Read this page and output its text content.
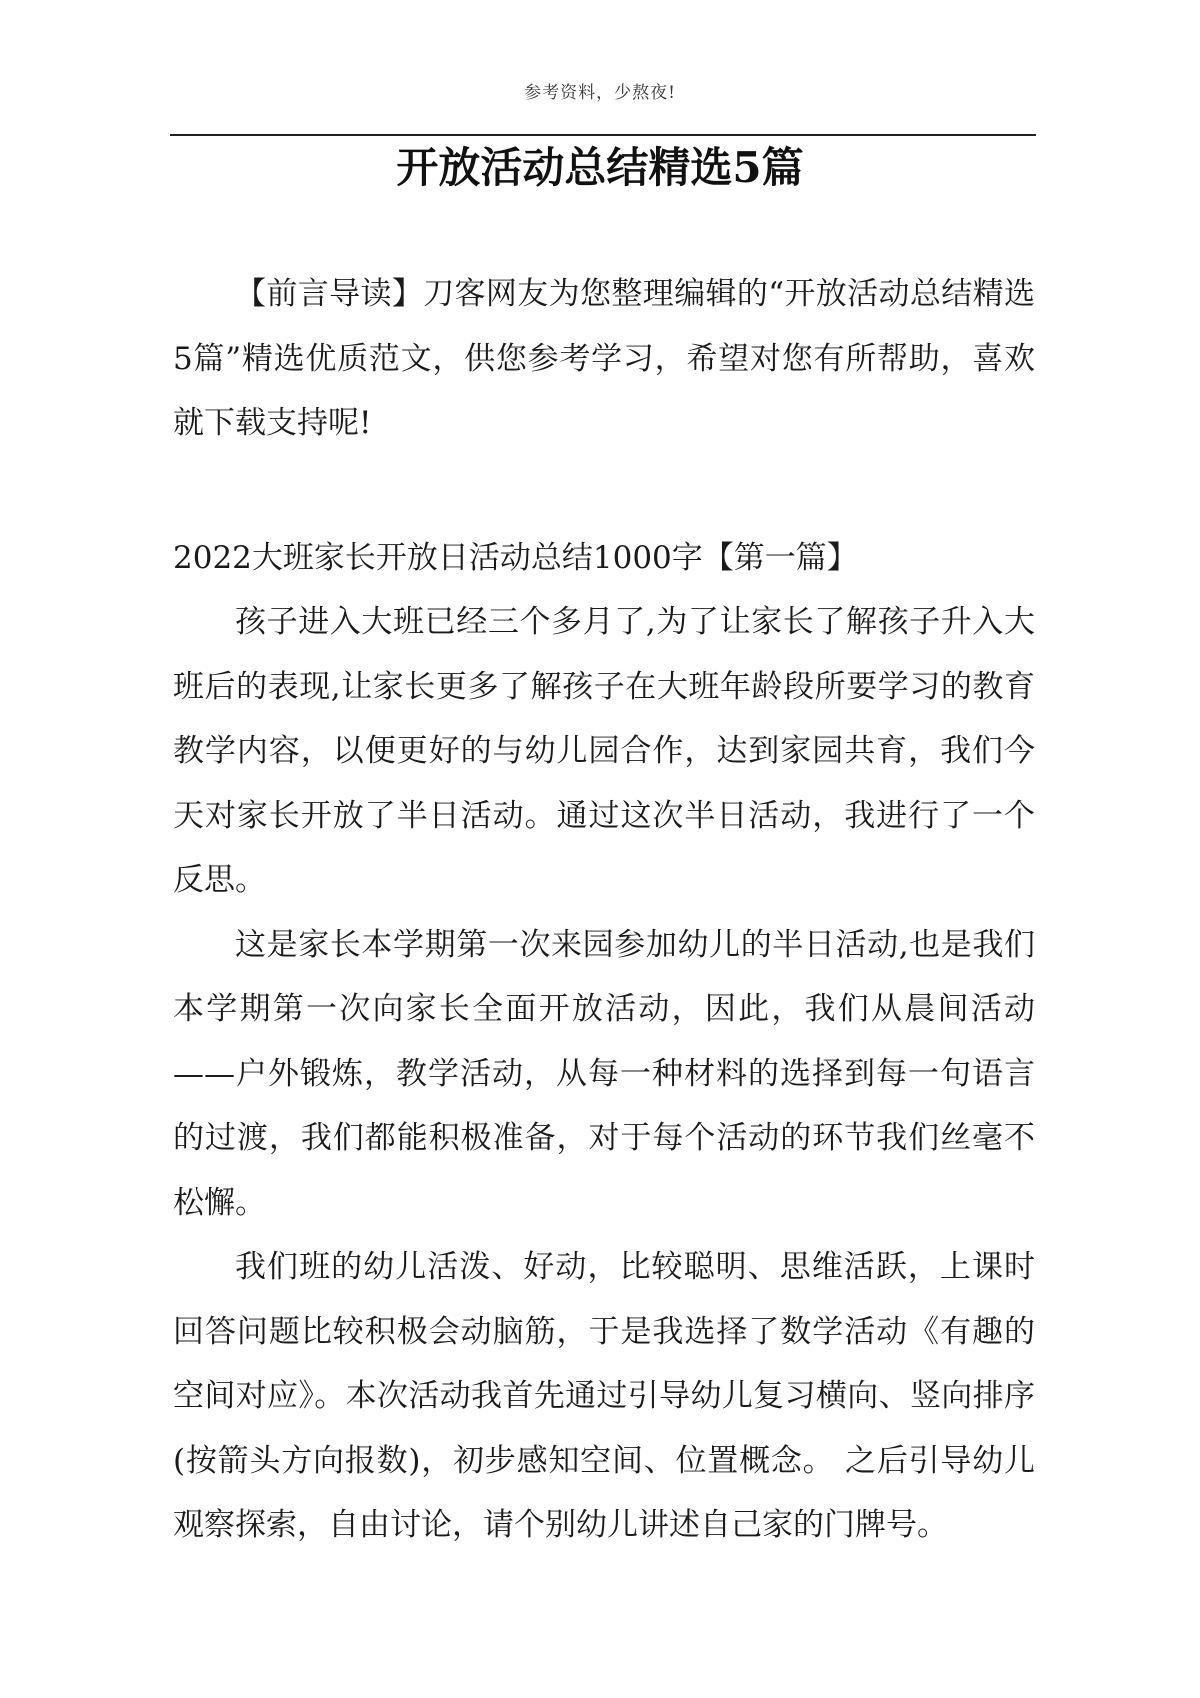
参考资料，少熬夜!
开放活动总结精选5篇

【前言导读】刀客网友为您整理编辑的“开放活动总结精选5篇”精选优质范文，供您参考学习，希望对您有所帮助，喜欢就下载支持呢!

2022大班家长开放日活动总结1000字【第一篇】

孩子进入大班已经三个多月了,为了让家长了解孩子升入大班后的表现,让家长更多了解孩子在大班年龄段所要学习的教育教学内容，以便更好的与幼儿园合作，达到家园共育，我们今天对家长开放了半日活动。通过这次半日活动，我进行了一个反思。

这是家长本学期第一次来园参加幼儿的半日活动,也是我们本学期第一次向家长全面开放活动，因此，我们从晨间活动——户外锻炼，教学活动，从每一种材料的选择到每一句语言的过渡，我们都能积极准备，对于每个活动的环节我们丝毫不松懈。

我们班的幼儿活泼、好动，比较聪明、思维活跃，上课时回答问题比较积极会动脑筋，于是我选择了数学活动《有趣的空间对应》。本次活动我首先通过引导幼儿复习横向、竖向排序(按箭头方向报数)，初步感知空间、位置概念。 之后引导幼儿观察探索，自由讨论，请个别幼儿讲述自己家的门牌号。
